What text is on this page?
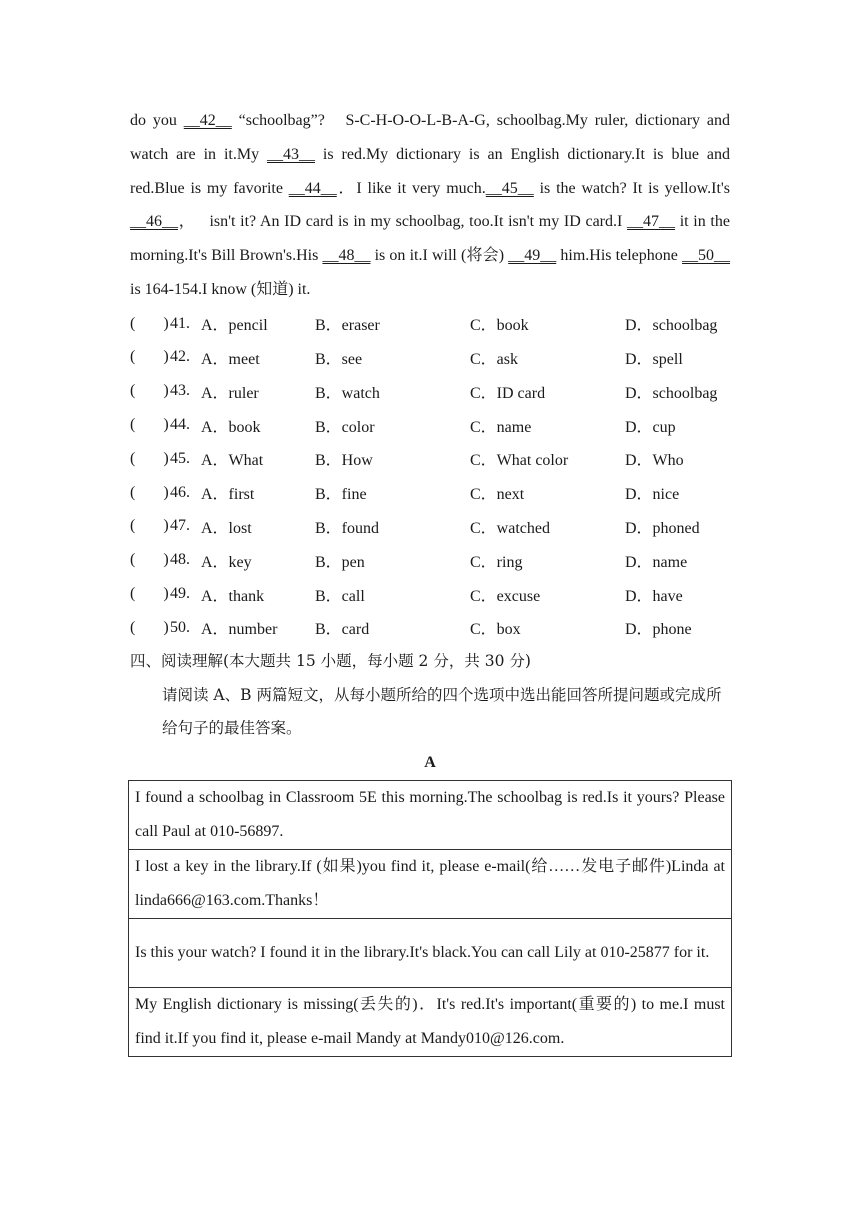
do you __42__ “schoolbag”?   S-C-H-O-O-L-B-A-G, schoolbag.My ruler, dictionary and watch are in it.My __43__ is red.My dictionary is an English dictionary.It is blue and red.Blue is my favorite __44__．I like it very much.__45__ is the watch? It is yellow.It's __46__，   isn't it? An ID card is in my schoolbag, too.It isn't my ID card.I __47__ it in the morning.It's Bill Brown's.His __48__ is on it.I will (将会) __49__ him.His telephone __50__ is 164-154.I know (知道) it.

(       ) 41. A．pencil	B．eraser	C．book	D．schoolbag
(       ) 42. A．meet	B．see	C．ask	D．spell
(       ) 43. A．ruler	B．watch	C．ID card	D．schoolbag
(       ) 44. A．book	B．color	C．name	D．cup
(       ) 45. A．What	B．How	C．What color	D．Who
(       ) 46. A．first	B．fine	C．next	D．nice
(       ) 47. A．lost	B．found	C．watched	D．phoned
(       ) 48. A．key	B．pen	C．ring	D．name
(       ) 49. A．thank	B．call	C．excuse	D．have
(       ) 50. A．number	B．card	C．box	D．phone

四、阅读理解(本大题共 15 小题，每小题 2 分，共 30 分)

请阅读 A、B 两篇短文，从每小题所给的四个选项中选出能回答所提问题或完成所给句子的最佳答案。

A

I found a schoolbag in Classroom 5E this morning.The schoolbag is red.Is it yours? Please call Paul at 010-56897.
I lost a key in the library.If (如果)you find it, please e-mail(给……发电子邮件)Linda at linda666@163.com.Thanks！
Is this your watch? I found it in the library.It's black.You can call Lily at 010-25877 for it.
My English dictionary is missing(丢失的)．It's red.It's important(重要的) to me.I must find it.If you find it, please e-mail Mandy at Mandy010@126.com.
